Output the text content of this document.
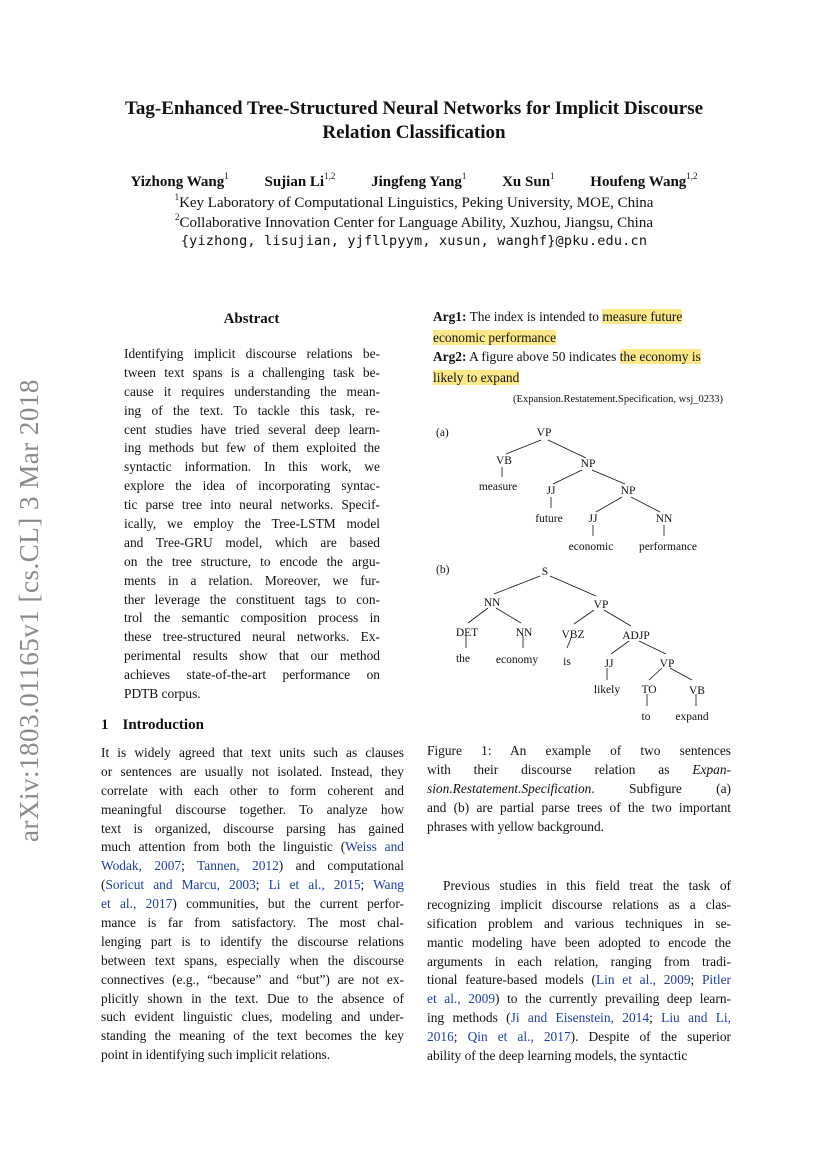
Tag-Enhanced Tree-Structured Neural Networks for Implicit Discourse
Relation Classification
Yizhong Wang$^1$ Sujian Li$^{1,2}$ Jingfeng Yang$^1$ Xu Sun$^1$ Houfeng Wang$^{1,2}$
$^1$Key Laboratory of Computational Linguistics, Peking University, MOE, China
$^2$Collaborative Innovation Center for Language Ability, Xuzhou, Jiangsu, China
{yizhong, lisujian, yjfllpyym, xusun, wanghf}@pku.edu.cn
arXiv:1803.01165v1 [cs.CL] 3 Mar 2018
Abstract
Identifying implicit discourse relations be-
tween text spans is a challenging task be-
cause it requires understanding the mean-
ing of the text. To tackle this task, re-
cent studies have tried several deep learn-
ing methods but few of them exploited the
syntactic information. In this work, we
explore the idea of incorporating syntac-
tic parse tree into neural networks. Specif-
ically, we employ the Tree-LSTM model
and Tree-GRU model, which are based
on the tree structure, to encode the argu-
ments in a relation. Moreover, we fur-
ther leverage the constituent tags to con-
trol the semantic composition process in
these tree-structured neural networks. Ex-
perimental results show that our method
achieves state-of-the-art performance on
PDTB corpus.
1 Introduction
It is widely agreed that text units such as clauses
or sentences are usually not isolated. Instead, they
correlate with each other to form coherent and
meaningful discourse together. To analyze how
text is organized, discourse parsing has gained
much attention from both the linguistic (Weiss and
Wodak, 2007; Tannen, 2012) and computational
(Soricut and Marcu, 2003; Li et al., 2015; Wang
et al., 2017) communities, but the current perfor-
mance is far from satisfactory. The most chal-
lenging part is to identify the discourse relations
between text spans, especially when the discourse
connectives (e.g., “because” and “but”) are not ex-
plicitly shown in the text. Due to the absence of
such evident linguistic clues, modeling and under-
standing the meaning of the text becomes the key
point in identifying such implicit relations.
Arg1: The index is intended to measure future
economic performance
Arg2: A figure above 50 indicates the economy is
likely to expand
(Expansion.Restatement.Specification, wsj_0233)
(a)	VP
VB	NP
measure	JJ	NP
future JJ	NN
economic performance
(b)	S
NN	VP
DET	NN	VBZ	ADJP
the economy is	JJ	VP
likely TO	VB
to expand
Figure 1: An example of two sentences
with their discourse relation as Expan-
sion.Restatement.Specification. Subfigure (a)
and (b) are partial parse trees of the two important
phrases with yellow background.
Previous studies in this field treat the task of
recognizing implicit discourse relations as a clas-
sification problem and various techniques in se-
mantic modeling have been adopted to encode the
arguments in each relation, ranging from tradi-
tional feature-based models (Lin et al., 2009; Pitler
et al., 2009) to the currently prevailing deep learn-
ing methods (Ji and Eisenstein, 2014; Liu and Li,
2016; Qin et al., 2017). Despite of the superior
ability of the deep learning models, the syntactic
